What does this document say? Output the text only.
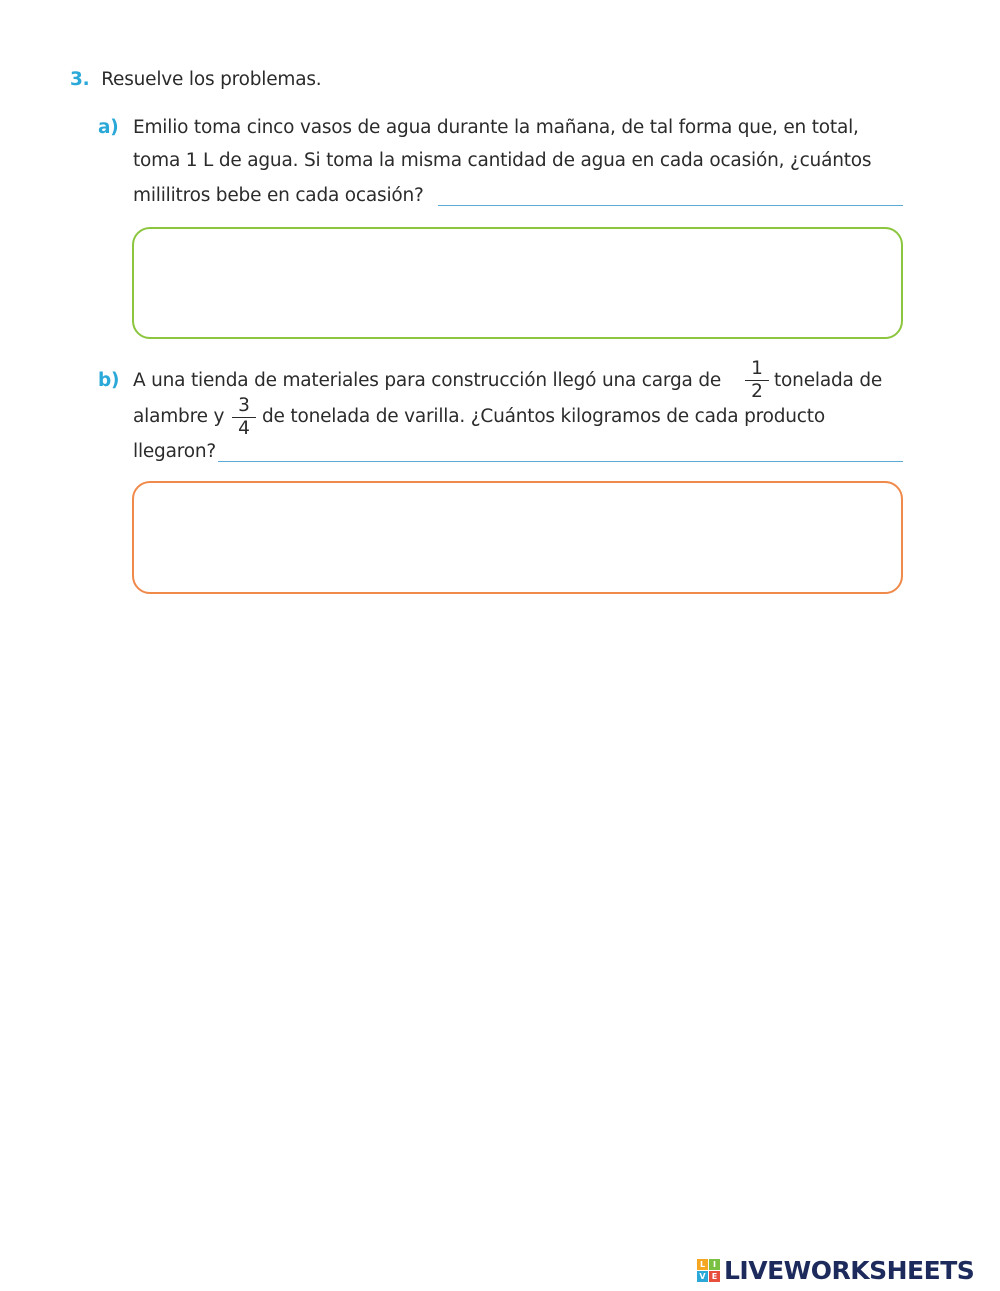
3. Resuelve los problemas.
a) Emilio toma cinco vasos de agua durante la mañana, de tal forma que, en total,
toma 1 L de agua. Si toma la misma cantidad de agua en cada ocasión, ¿cuántos
mililitros bebe en cada ocasión?
b) A una tienda de materiales para construcción llegó una carga de
1
2
tonelada de
alambre y
3
4
de tonelada de varilla. ¿Cuántos kilogramos de cada producto
llegaron?
L I
V E LIVEWORKSHEETS
